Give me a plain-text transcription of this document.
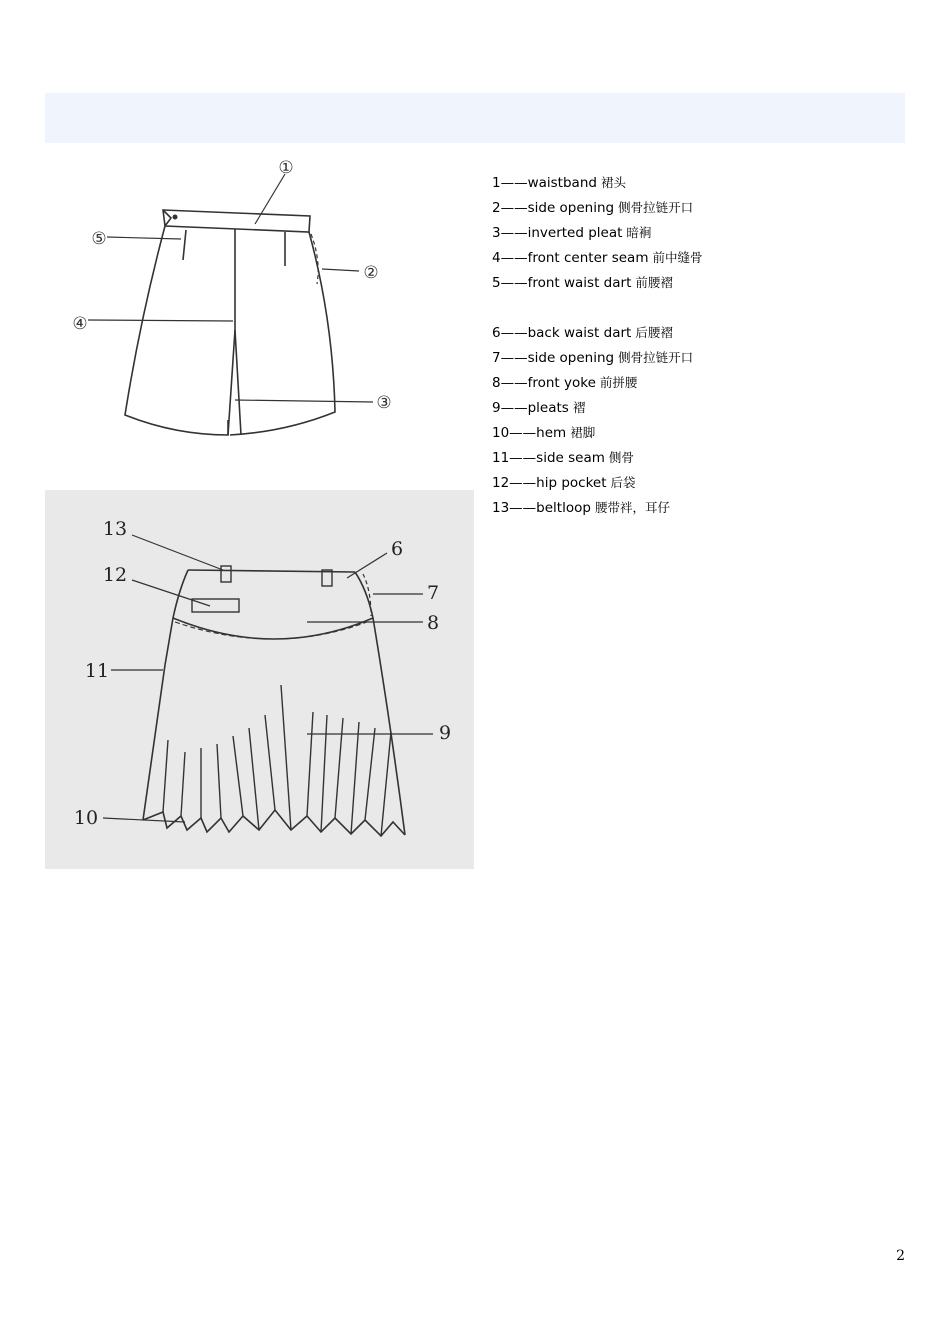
①
②
③
④
⑤
13
12
6
7
8
11
9
10
1——waistband 裙头
2——side opening 侧骨拉链开口
3——inverted pleat 暗裥
4——front center seam 前中缝骨
5——front waist dart 前腰褶
6——back waist dart 后腰褶
7——side opening 侧骨拉链开口
8——front yoke 前拼腰
9——pleats 褶
10——hem 裙脚
11——side seam 侧骨
12——hip pocket 后袋
13——beltloop 腰带袢，耳仔
2
